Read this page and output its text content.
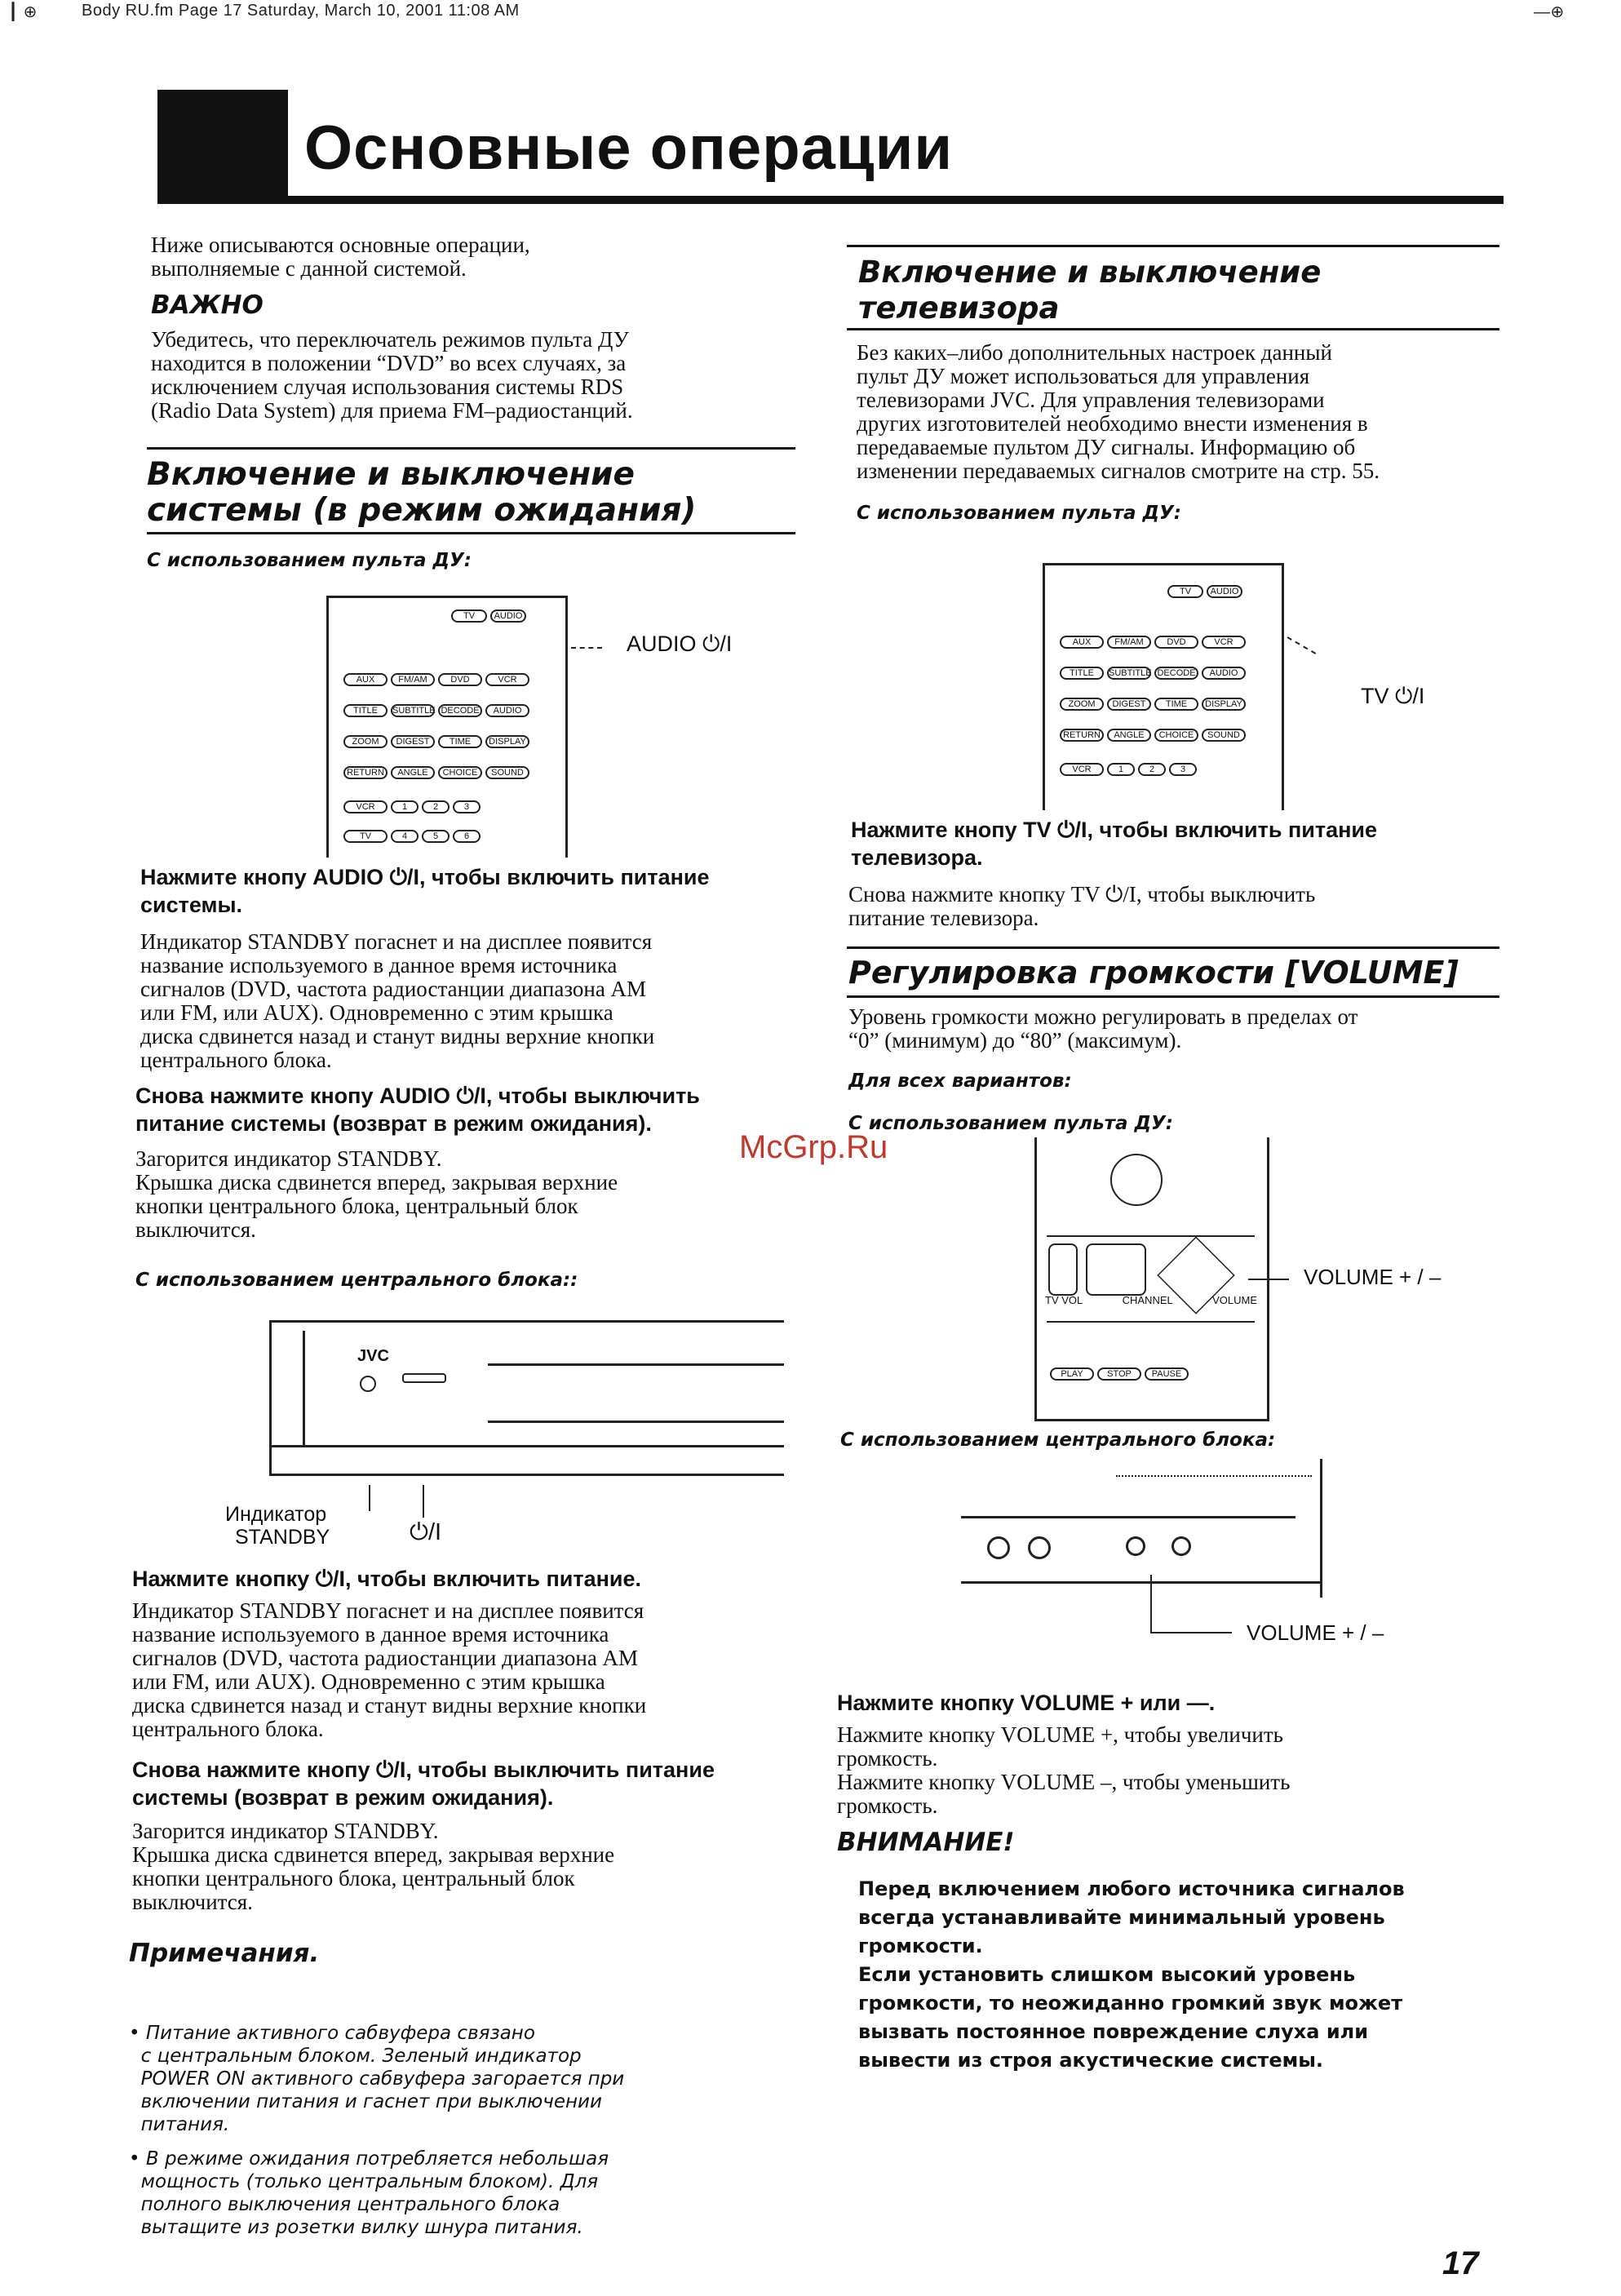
┃ ⊕	Body RU.fm Page 17 Saturday, March 10, 2001 11:08 AM	—⊕
Основные операции
Ниже описываются основные операции,
выполняемые с данной системой.
ВАЖНО
Убедитесь, что переключатель режимов пульта ДУ
находится в положении “DVD” во всех случаях, за
исключением случая использования системы RDS
(Radio Data System) для приема FM–радиостанций.
Включение и выключение
системы (в режим ожидания)
С использованием пульта ДУ:
TV AUDIO
AUX	FM/AM	DVD	VCR
TITLE SUBTITLE DECODE AUDIO
ZOOM DIGEST TIME DISPLAY
RETURN ANGLE CHOICE SOUND
VCR	1	2	3
TV	4	5	6
AUDIO ⏻/I
Нажмите кнопу AUDIO ⏻/I, чтобы включить питание
системы.
Индикатор STANDBY погаснет и на дисплее появится
название используемого в данное время источника
сигналов (DVD, частота радиостанции диапазона AM
или FM, или AUX). Одновременно с этим крышка
диска сдвинется назад и станут видны верхние кнопки
центрального блока.
Снова нажмите кнопу AUDIO ⏻/I, чтобы выключить
питание системы (возврат в режим ожидания).
Загорится индикатор STANDBY.
Крышка диска сдвинется вперед, закрывая верхние
кнопки центрального блока, центральный блок
выключится.
С использованием центрального блока::
JVC
Индикатор
STANDBY	⏻/I
Нажмите кнопку ⏻/I, чтобы включить питание.
Индикатор STANDBY погаснет и на дисплее появится
название используемого в данное время источника
сигналов (DVD, частота радиостанции диапазона AM
или FM, или AUX). Одновременно с этим крышка
диска сдвинется назад и станут видны верхние кнопки
центрального блока.
Снова нажмите кнопу ⏻/I, чтобы выключить питание
системы (возврат в режим ожидания).
Загорится индикатор STANDBY.
Крышка диска сдвинется вперед, закрывая верхние
кнопки центрального блока, центральный блок
выключится.
Примечания.

• Питание активного сабвуфера связано
с центральным блоком. Зеленый индикатор
POWER ON активного сабвуфера загорается при
включении питания и гаснет при выключении
питания.

• В режиме ожидания потребляется небольшая
мощность (только центральным блоком). Для
полного выключения центрального блока
вытащите из розетки вилку шнура питания.

Включение и выключение
телевизора
Без каких–либо дополнительных настроек данный
пульт ДУ может использоваться для управления
телевизорами JVC. Для управления телевизорами
других изготовителей необходимо внести изменения в
передаваемые пультом ДУ сигналы. Информацию об
изменении передаваемых сигналов смотрите на стр. 55.
С использованием пульта ДУ:
TV AUDIO
AUX	FM/AM	DVD	VCR
TITLE SUBTITLE DECODE AUDIO
ZOOM DIGEST TIME DISPLAY
RETURN ANGLE CHOICE SOUND
VCR	1	2	3
TV ⏻/I
Нажмите кнопу TV ⏻/I, чтобы включить питание
телевизора.
Снова нажмите кнопку TV ⏻/I, чтобы выключить
питание телевизора.
Регулировка громкости [VOLUME]
Уровень громкости можно регулировать в пределах от
“0” (минимум) до “80” (максимум).
Для всех вариантов:
С использованием пульта ДУ:
TV VOL	CHANNEL	VOLUME
PLAY	STOP PAUSE
VOLUME + / –
С использованием центрального блока:
VOLUME + / –
Нажмите кнопку VOLUME + или —.
Нажмите кнопку VOLUME +, чтобы увеличить
громкость.
Нажмите кнопку VOLUME –, чтобы уменьшить
громкость.
ВНИМАНИЕ!
Перед включением любого источника сигналов
всегда устанавливайте минимальный уровень
громкости.
Если установить слишком высокий уровень
громкости, то неожиданно громкий звук может
вызвать постоянное повреждение слуха или
вывести из строя акустические системы.
McGrp.Ru
17
